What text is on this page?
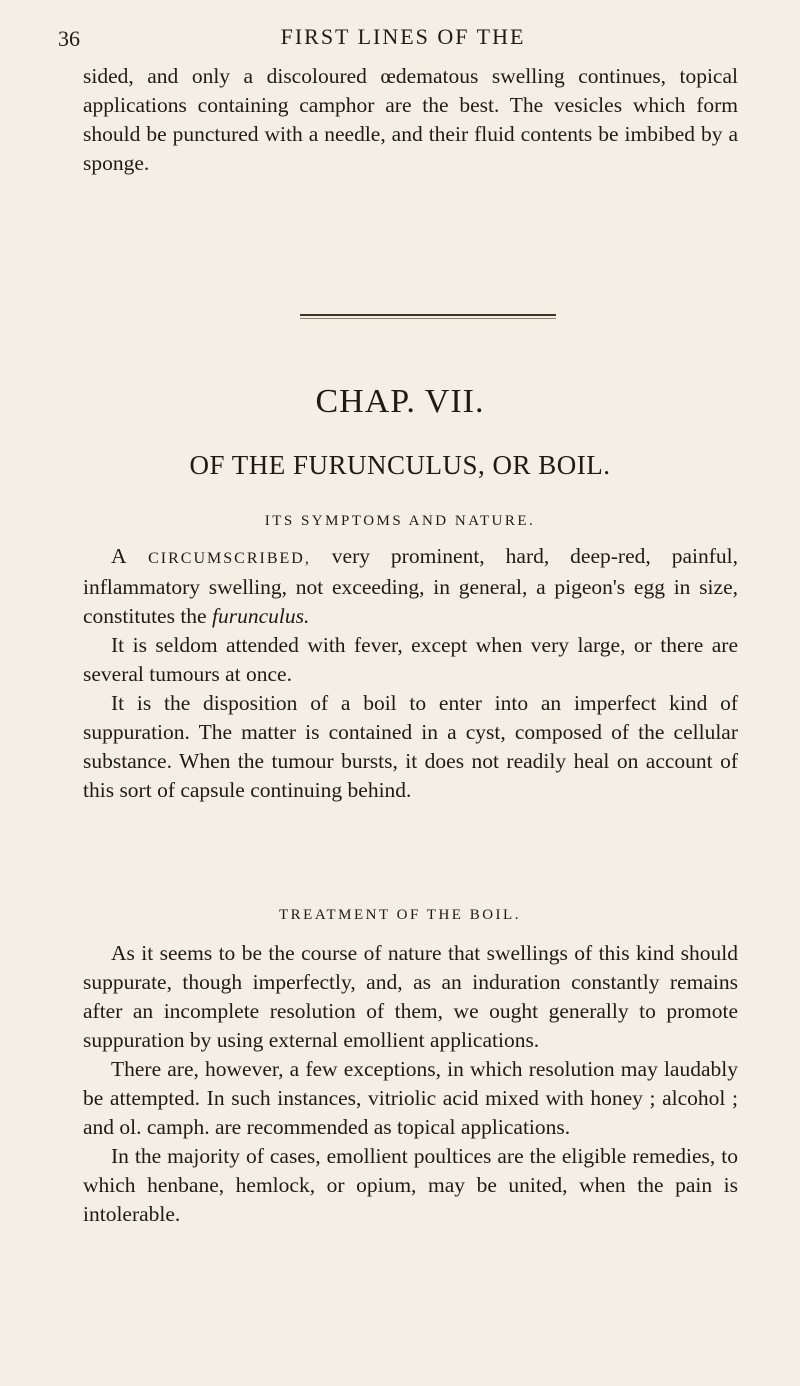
36	FIRST LINES OF THE

sided, and only a discoloured œdematous swelling continues, topical applications containing camphor are the best. The vesicles which form should be punctured with a needle, and their fluid contents be imbibed by a sponge.

CHAP. VII.
OF THE FURUNCULUS, OR BOIL.
ITS SYMPTOMS AND NATURE.

A CIRCUMSCRIBED, very prominent, hard, deep-red, painful, inflammatory swelling, not exceeding, in general, a pigeon's egg in size, constitutes the furunculus.

It is seldom attended with fever, except when very large, or there are several tumours at once.

It is the disposition of a boil to enter into an imperfect kind of suppuration. The matter is contained in a cyst, composed of the cellular substance. When the tumour bursts, it does not readily heal on account of this sort of capsule continuing behind.

TREATMENT OF THE BOIL.

As it seems to be the course of nature that swellings of this kind should suppurate, though imperfectly, and, as an induration constantly remains after an incomplete resolution of them, we ought generally to promote suppuration by using external emollient applications.

There are, however, a few exceptions, in which resolution may laudably be attempted. In such instances, vitriolic acid mixed with honey ; alcohol ; and ol. camph. are recommended as topical applications.

In the majority of cases, emollient poultices are the eligible remedies, to which henbane, hemlock, or opium, may be united, when the pain is intolerable.
